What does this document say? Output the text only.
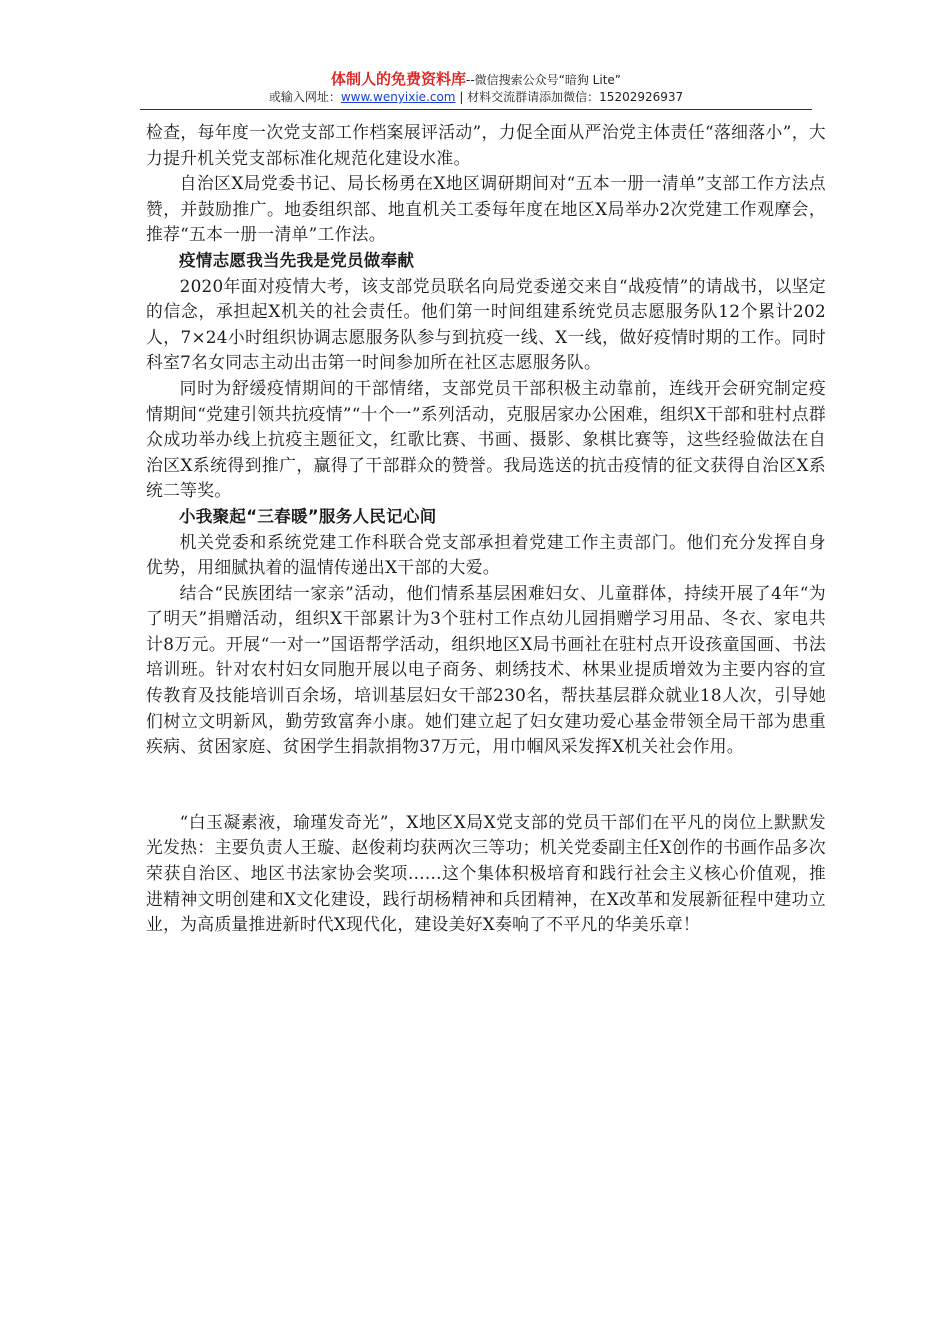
体制人的免费资料库--微信搜索公众号“暗狗 Lite”
或输入网址：www.wenyixie.com | 材料交流群请添加微信：15202926937

检查，每年度一次党支部工作档案展评活动”，力促全面从严治党主体责任“落细落小”，大力提升机关党支部标准化规范化建设水准。

自治区X局党委书记、局长杨勇在X地区调研期间对“五本一册一清单”支部工作方法点赞，并鼓励推广。地委组织部、地直机关工委每年度在地区X局举办2次党建工作观摩会，推荐“五本一册一清单”工作法。

疫情志愿我当先我是党员做奉献

2020年面对疫情大考，该支部党员联名向局党委递交来自“战疫情”的请战书，以坚定的信念，承担起X机关的社会责任。他们第一时间组建系统党员志愿服务队12个累计202人，7×24小时组织协调志愿服务队参与到抗疫一线、X一线，做好疫情时期的工作。同时科室7名女同志主动出击第一时间参加所在社区志愿服务队。

同时为舒缓疫情期间的干部情绪，支部党员干部积极主动靠前，连线开会研究制定疫情期间“党建引领共抗疫情”“十个一”系列活动，克服居家办公困难，组织X干部和驻村点群众成功举办线上抗疫主题征文，红歌比赛、书画、摄影、象棋比赛等，这些经验做法在自治区X系统得到推广，赢得了干部群众的赞誉。我局选送的抗击疫情的征文获得自治区X系统二等奖。

小我聚起“三春暖”服务人民记心间

机关党委和系统党建工作科联合党支部承担着党建工作主责部门。他们充分发挥自身优势，用细腻执着的温情传递出X干部的大爱。

结合“民族团结一家亲”活动，他们情系基层困难妇女、儿童群体，持续开展了4年“为了明天”捐赠活动，组织X干部累计为3个驻村工作点幼儿园捐赠学习用品、冬衣、家电共计8万元。开展“一对一”国语帮学活动，组织地区X局书画社在驻村点开设孩童国画、书法培训班。针对农村妇女同胞开展以电子商务、刺绣技术、林果业提质增效为主要内容的宣传教育及技能培训百余场，培训基层妇女干部230名，帮扶基层群众就业18人次，引导她们树立文明新风，勤劳致富奔小康。她们建立起了妇女建功爱心基金带领全局干部为患重疾病、贫困家庭、贫困学生捐款捐物37万元，用巾帼风采发挥X机关社会作用。

“白玉凝素液，瑜瑾发奇光”，X地区X局X党支部的党员干部们在平凡的岗位上默默发光发热：主要负责人王璇、赵俊莉均获两次三等功；机关党委副主任X创作的书画作品多次荣获自治区、地区书法家协会奖项......这个集体积极培育和践行社会主义核心价值观，推进精神文明创建和X文化建设，践行胡杨精神和兵团精神，在X改革和发展新征程中建功立业，为高质量推进新时代X现代化，建设美好X奏响了不平凡的华美乐章！
